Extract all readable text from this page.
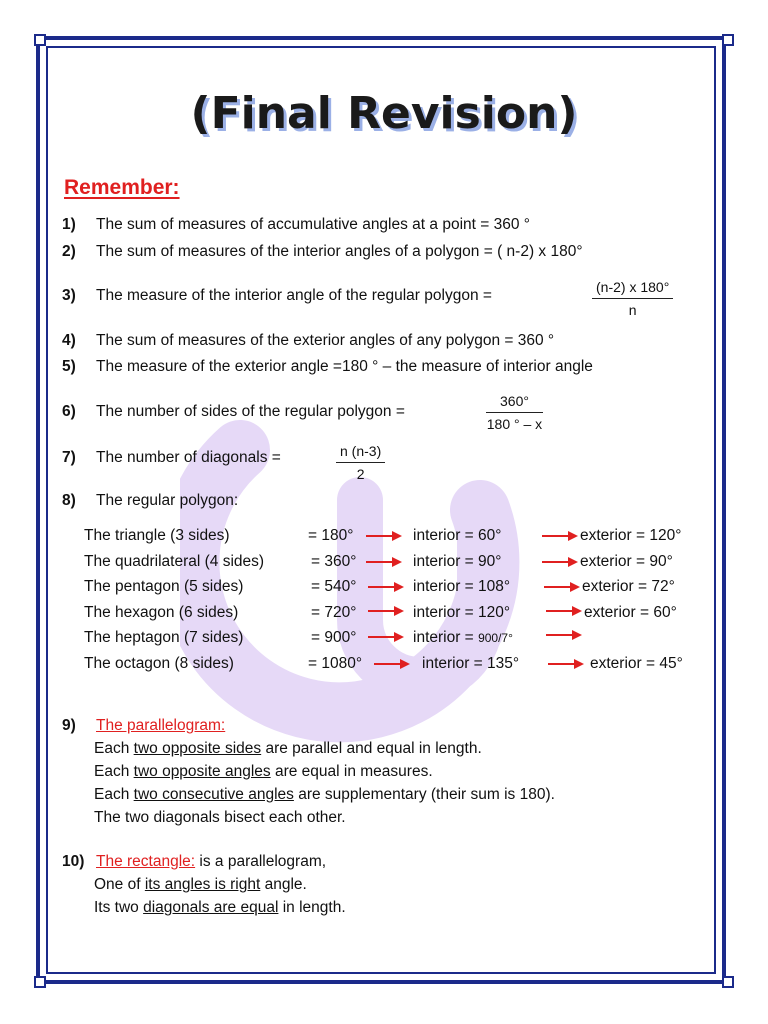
(Final Revision)
Remember:
1) The sum of measures of accumulative angles at a point = 360 °
2) The sum of measures of the interior angles of a polygon = ( n-2) x 180°
3) The measure of the interior angle of the regular polygon =	$\frac{(n-2) x 180^\circ}{n}$
4) The sum of measures of the exterior angles of any polygon = 360 °
5) The measure of the exterior angle =180 ° – the measure of interior angle
6) The number of sides of the regular polygon =	$\frac{360^\circ}{180 ^\circ - x}$
7) The number of diagonals =	$\frac{n (n-3)}{2}$
8) The regular polygon:
The triangle (3 sides)	= 180°	interior = 60°	exterior = 120°
The quadrilateral (4 sides)	= 360°	interior = 90°	exterior = 90°
The pentagon (5 sides)	= 540°	interior = 108°	exterior = 72°
The hexagon (6 sides)	= 720°	interior = 120°	exterior = 60°
The heptagon (7 sides)	= 900°	interior = 900/7°
The octagon (8 sides)	= 1080°	interior = 135°	exterior = 45°
9) The parallelogram:
Each two opposite sides are parallel and equal in length.
Each two opposite angles are equal in measures.
Each two consecutive angles are supplementary (their sum is 180).
The two diagonals bisect each other.
10) The rectangle: is a parallelogram,
One of its angles is right angle.
Its two diagonals are equal in length.
